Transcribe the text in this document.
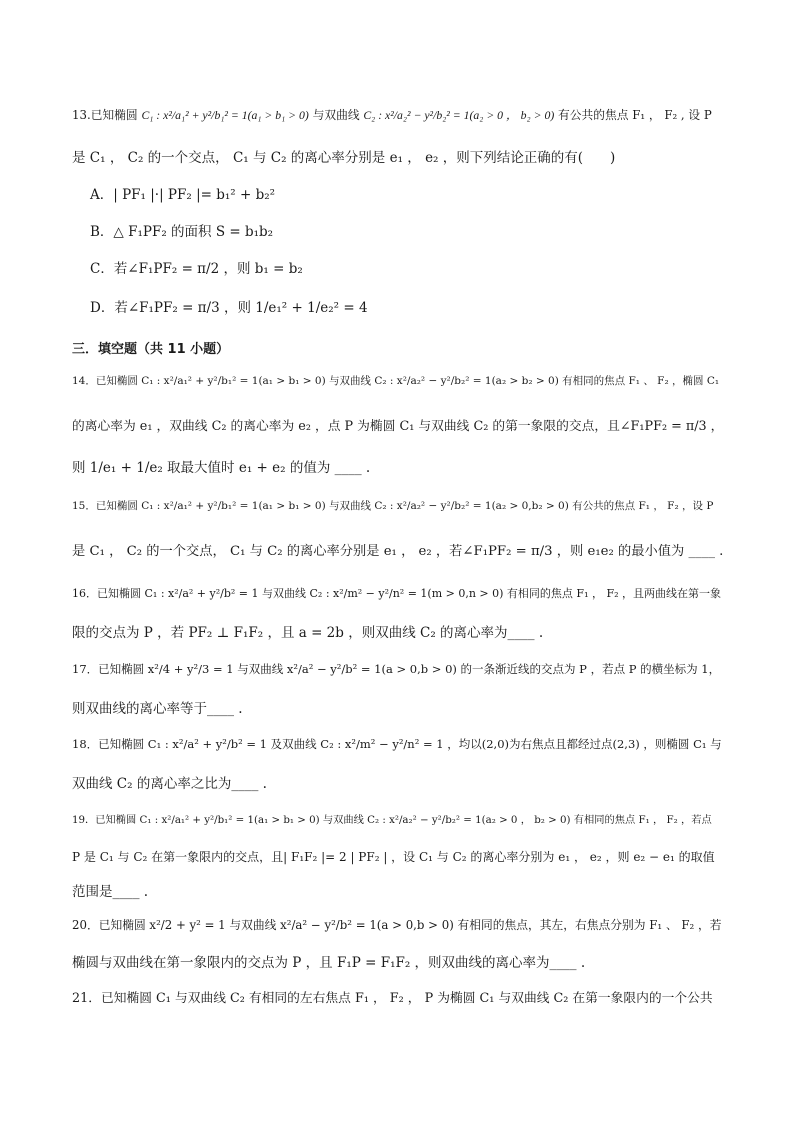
13.已知椭圆 C₁ : x²/a₁² + y²/b₁² = 1(a₁ > b₁ > 0) 与双曲线 C₂ : x²/a₂² − y²/b₂² = 1(a₂ > 0 ， b₂ > 0) 有公共的焦点 F₁ ， F₂ , 设 P
是 C₁ ， C₂ 的一个交点， C₁ 与 C₂ 的离心率分别是 e₁ ， e₂ ，则下列结论正确的有(　　)
A．| PF₁ |·| PF₂ |= b₁² + b₂²
B．△ F₁PF₂ 的面积 S = b₁b₂
C．若∠F₁PF₂ = π/2 ，则 b₁ = b₂
D．若∠F₁PF₂ = π/3 ，则 1/e₁² + 1/e₂² = 4
三．填空题（共 11 小题）
14．已知椭圆 C₁ : x²/a₁² + y²/b₁² = 1(a₁ > b₁ > 0) 与双曲线 C₂ : x²/a₂² − y²/b₂² = 1(a₂ > b₂ > 0) 有相同的焦点 F₁ 、 F₂ ，椭圆 C₁
的离心率为 e₁ ，双曲线 C₂ 的离心率为 e₂ ，点 P 为椭圆 C₁ 与双曲线 C₂ 的第一象限的交点，且∠F₁PF₂ = π/3 ，
则 1/e₁ + 1/e₂ 取最大值时 e₁ + e₂ 的值为 ____ .
15．已知椭圆 C₁ : x²/a₁² + y²/b₁² = 1(a₁ > b₁ > 0) 与双曲线 C₂ : x²/a₂² − y²/b₂² = 1(a₂ > 0,b₂ > 0) 有公共的焦点 F₁ ， F₂ ，设 P
是 C₁ ， C₂ 的一个交点， C₁ 与 C₂ 的离心率分别是 e₁ ， e₂ ，若∠F₁PF₂ = π/3 ，则 e₁e₂ 的最小值为 ____ .
16．已知椭圆 C₁ : x²/a² + y²/b² = 1 与双曲线 C₂ : x²/m² − y²/n² = 1(m > 0,n > 0) 有相同的焦点 F₁ ， F₂ ，且两曲线在第一象
限的交点为 P ，若 PF₂ ⊥ F₁F₂ ，且 a = 2b ，则双曲线 C₂ 的离心率为____ .
17．已知椭圆 x²/4 + y²/3 = 1 与双曲线 x²/a² − y²/b² = 1(a > 0,b > 0) 的一条渐近线的交点为 P ，若点 P 的横坐标为 1，
则双曲线的离心率等于____ .
18．已知椭圆 C₁ : x²/a² + y²/b² = 1 及双曲线 C₂ : x²/m² − y²/n² = 1 ，均以(2,0)为右焦点且都经过点(2,3) ，则椭圆 C₁ 与
双曲线 C₂ 的离心率之比为____ .
19．已知椭圆 C₁ : x²/a₁² + y²/b₁² = 1(a₁ > b₁ > 0) 与双曲线 C₂ : x²/a₂² − y²/b₂² = 1(a₂ > 0 ， b₂ > 0) 有相同的焦点 F₁ ， F₂ ，若点
P 是 C₁ 与 C₂ 在第一象限内的交点，且| F₁F₂ |= 2 | PF₂ | ，设 C₁ 与 C₂ 的离心率分别为 e₁ ， e₂ ，则 e₂ − e₁ 的取值
范围是____ .
20．已知椭圆 x²/2 + y² = 1 与双曲线 x²/a² − y²/b² = 1(a > 0,b > 0) 有相同的焦点，其左，右焦点分别为 F₁ 、 F₂ ，若
椭圆与双曲线在第一象限内的交点为 P ，且 F₁P = F₁F₂ ，则双曲线的离心率为____ .
21．已知椭圆 C₁ 与双曲线 C₂ 有相同的左右焦点 F₁ ， F₂ ， P 为椭圆 C₁ 与双曲线 C₂ 在第一象限内的一个公共
